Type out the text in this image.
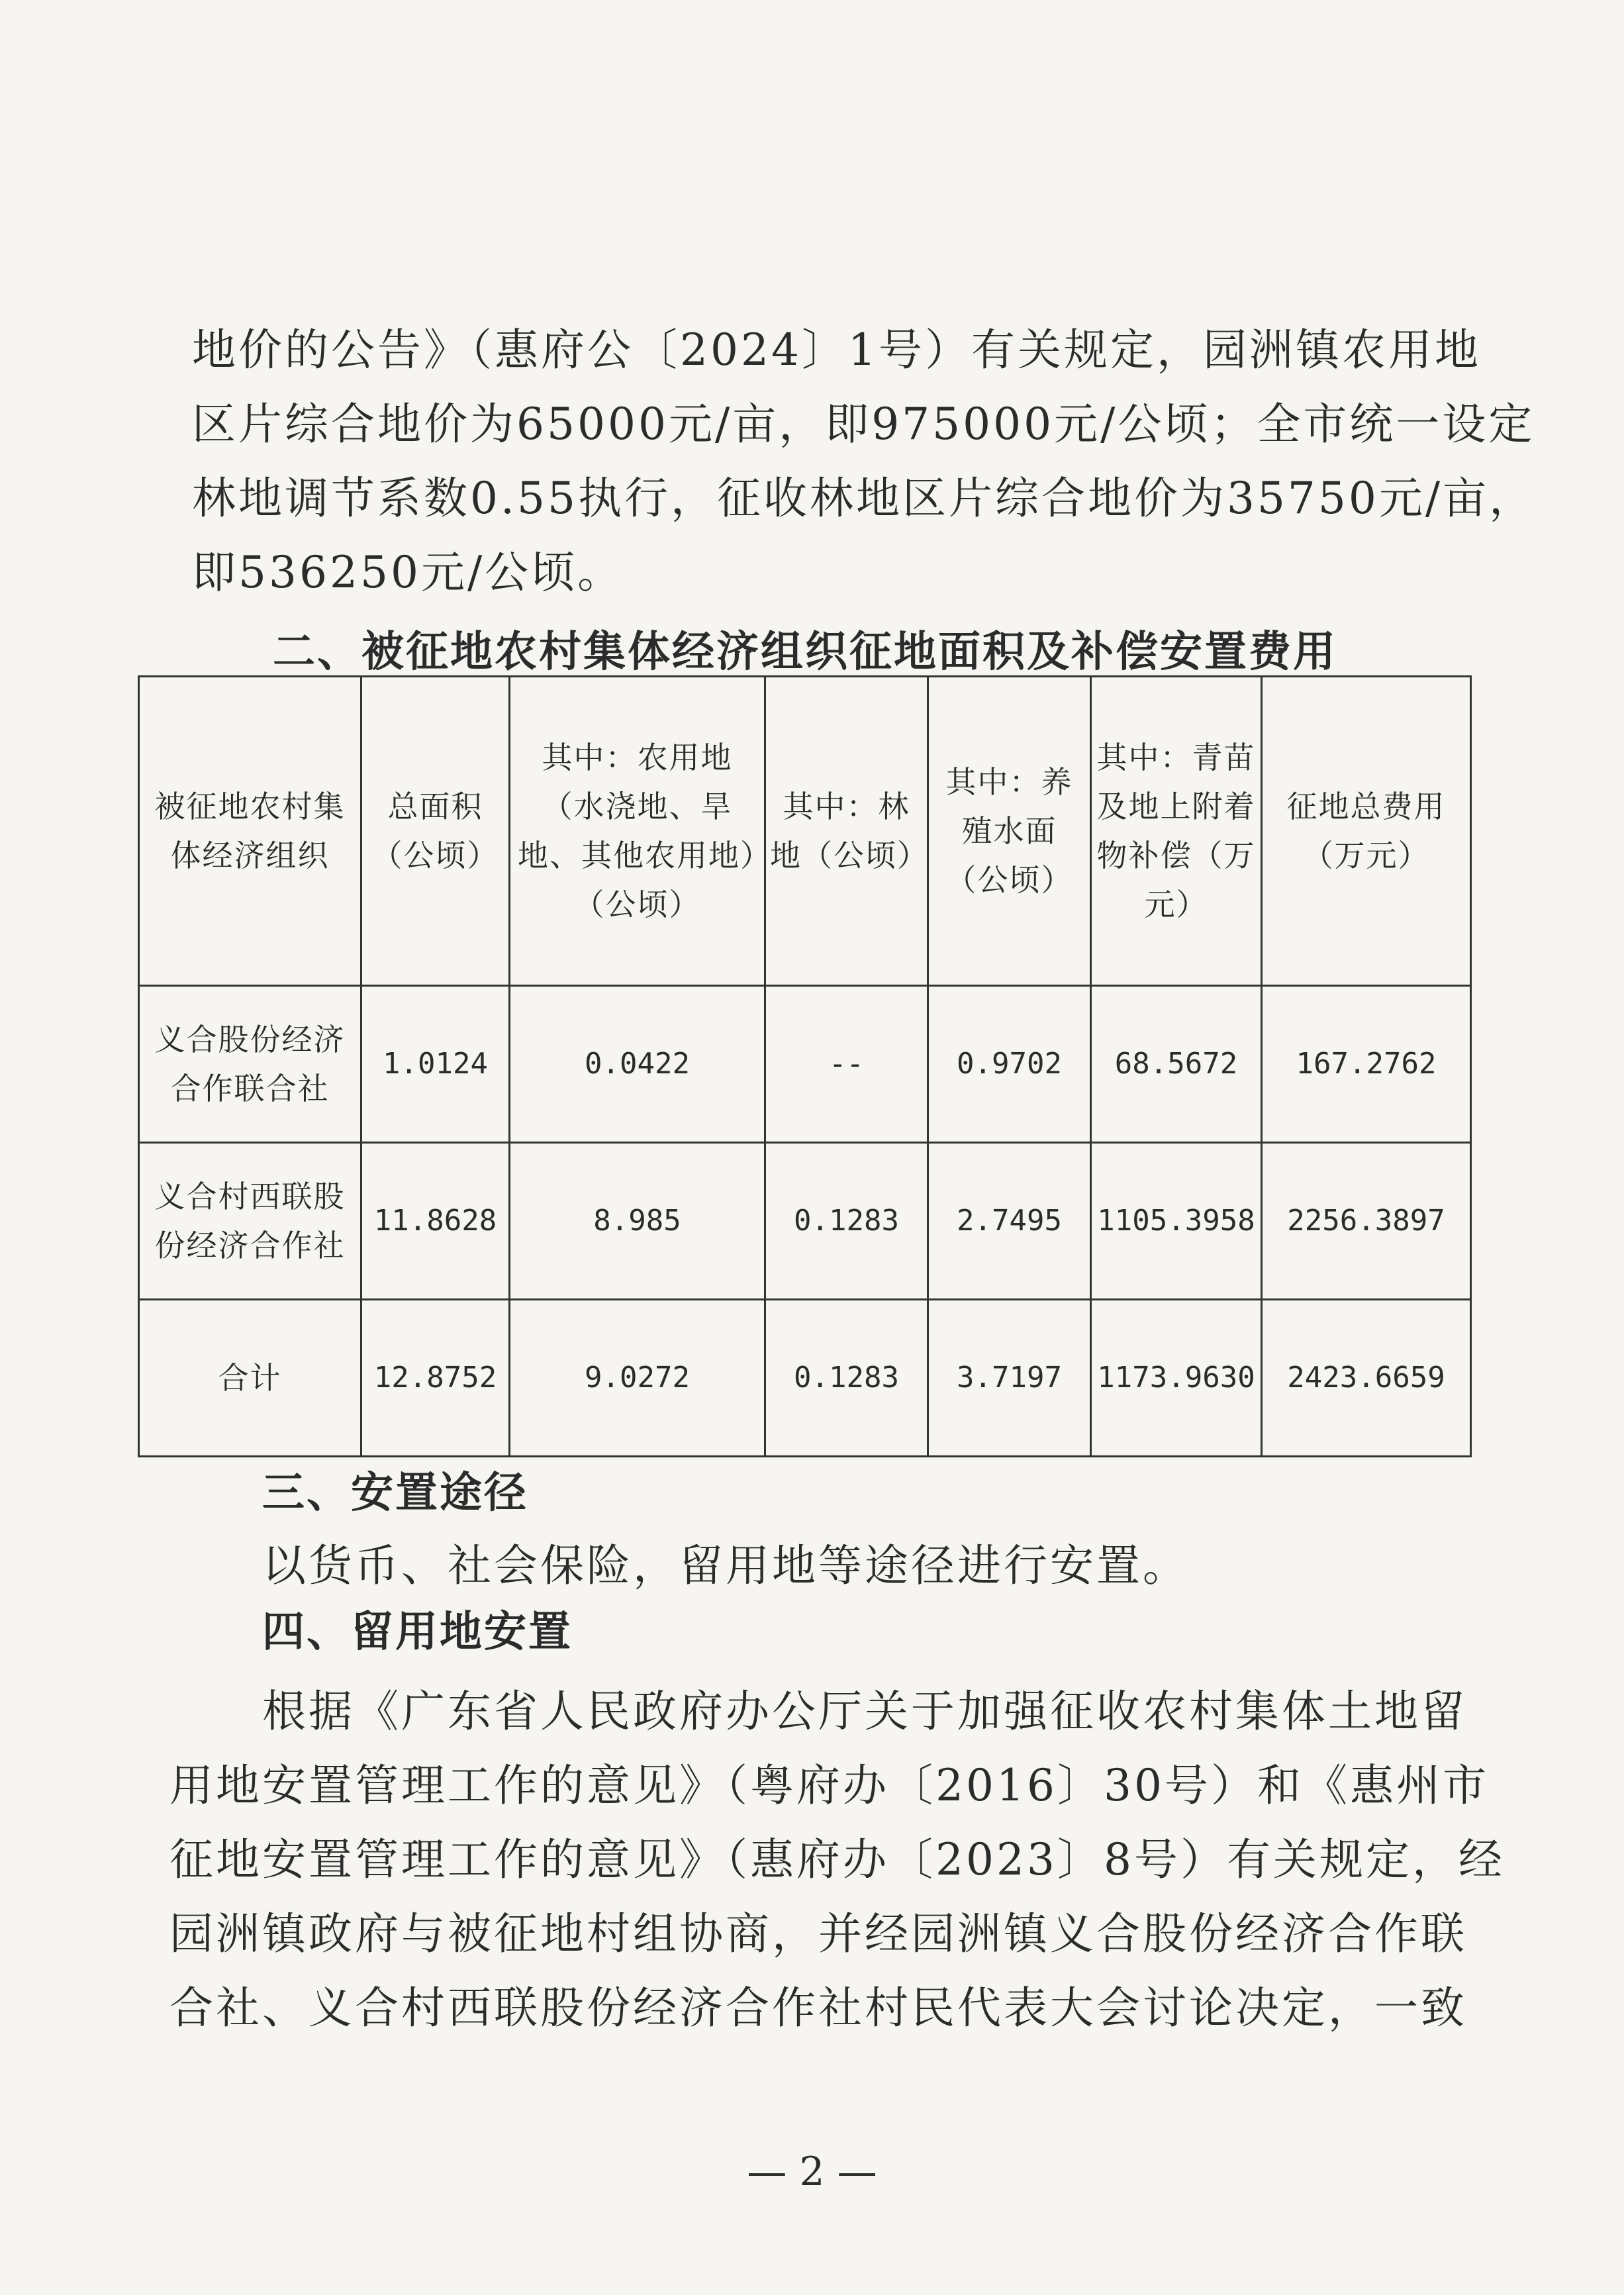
地价的公告》（惠府公〔2024〕1号）有关规定，园洲镇农用地
区片综合地价为65000元/亩，即975000元/公顷；全市统一设定
林地调节系数0.55执行，征收林地区片综合地价为35750元/亩，
即536250元/公顷。
二、被征地农村集体经济组织征地面积及补偿安置费用
被征地农村集体经济组织	总面积（公顷）	其中：农用地（水浇地、旱地、其他农用地）（公顷）	其中：林地（公顷）	其中：养殖水面（公顷）	其中：青苗及地上附着物补偿（万元）	征地总费用（万元）
义合股份经济合作联合社	1.0124	0.0422	--	0.9702	68.5672	167.2762
义合村西联股份经济合作社	11.8628	8.985	0.1283	2.7495	1105.3958	2256.3897
合计	12.8752	9.0272	0.1283	3.7197	1173.9630	2423.6659
三、安置途径
以货币、社会保险，留用地等途径进行安置。
四、留用地安置
根据《广东省人民政府办公厅关于加强征收农村集体土地留
用地安置管理工作的意见》（粤府办〔2016〕30号）和《惠州市
征地安置管理工作的意见》（惠府办〔2023〕8号）有关规定，经
园洲镇政府与被征地村组协商，并经园洲镇义合股份经济合作联
合社、义合村西联股份经济合作社村民代表大会讨论决定，一致
— 2 —
